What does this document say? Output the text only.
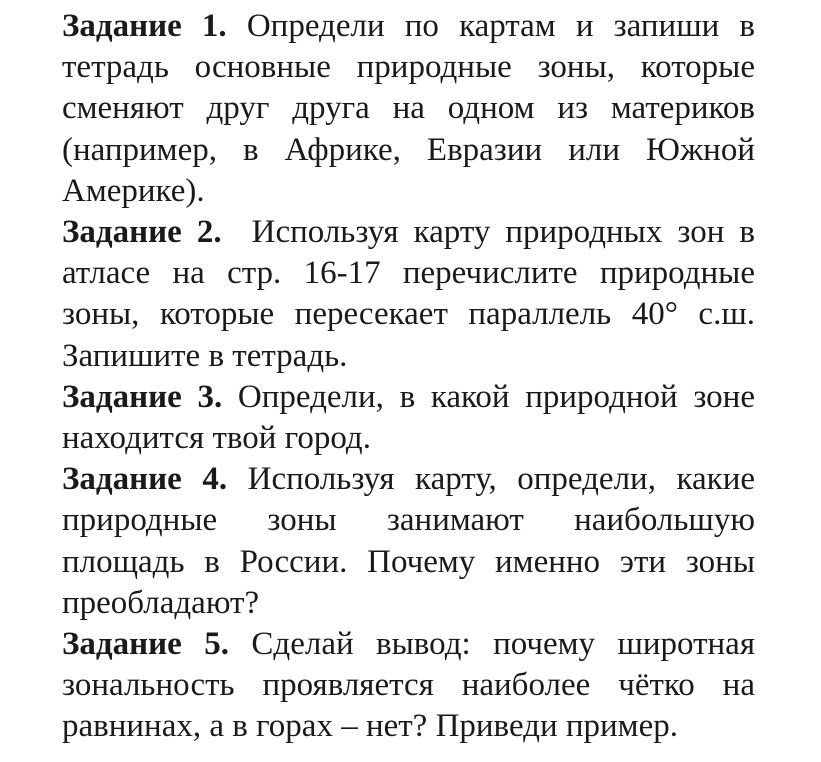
Задание 1. Определи по картам и запиши в тетрадь основные природные зоны, которые сменяют друг друга на одном из материков (например, в Африке, Евразии или Южной Америке).

Задание 2. Используя карту природных зон в атласе на стр. 16-17 перечислите природные зоны, которые пересекает параллель 40° с.ш. Запишите в тетрадь.

Задание 3. Определи, в какой природной зоне находится твой город.

Задание 4. Используя карту, определи, какие природные зоны занимают наибольшую площадь в России. Почему именно эти зоны преобладают?

Задание 5. Сделай вывод: почему широтная зональность проявляется наиболее чётко на равнинах, а в горах – нет? Приведи пример.
